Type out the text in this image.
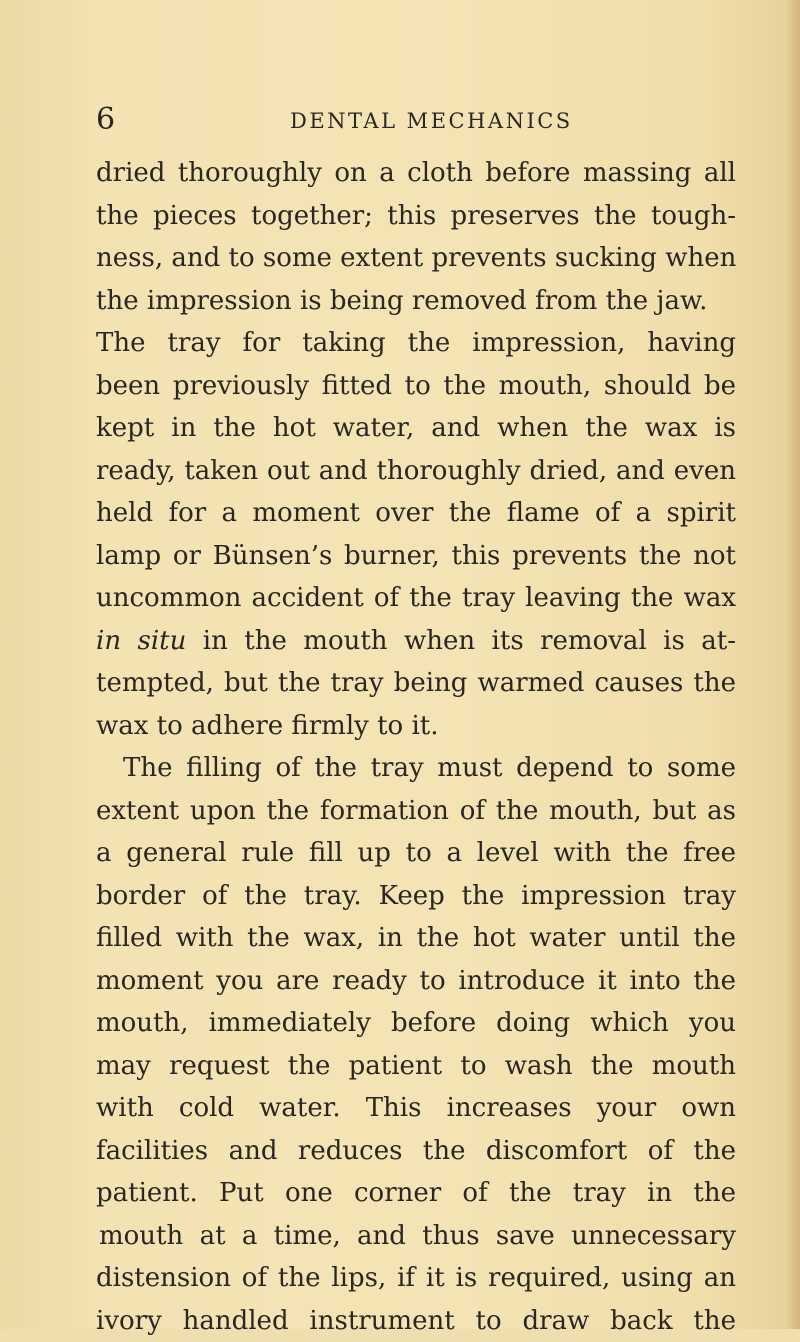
6	DENTAL MECHANICS
dried thoroughly on a cloth before massing all
the pieces together; this preserves the tough-
ness, and to some extent prevents sucking when
the impression is being removed from the jaw.
The tray for taking the impression, having
been previously fitted to the mouth, should be
kept in the hot water, and when the wax is
ready, taken out and thoroughly dried, and even
held for a moment over the flame of a spirit
lamp or Bünsen’s burner, this prevents the not
uncommon accident of the tray leaving the wax
in situ in the mouth when its removal is at-
tempted, but the tray being warmed causes the
wax to adhere firmly to it.
The filling of the tray must depend to some
extent upon the formation of the mouth, but as
a general rule fill up to a level with the free
border of the tray. Keep the impression tray
filled with the wax, in the hot water until the
moment you are ready to introduce it into the
mouth, immediately before doing which you
may request the patient to wash the mouth
with cold water. This increases your own
facilities and reduces the discomfort of the
patient. Put one corner of the tray in the
mouth at a time, and thus save unnecessary
distension of the lips, if it is required, using an
ivory handled instrument to draw back the
